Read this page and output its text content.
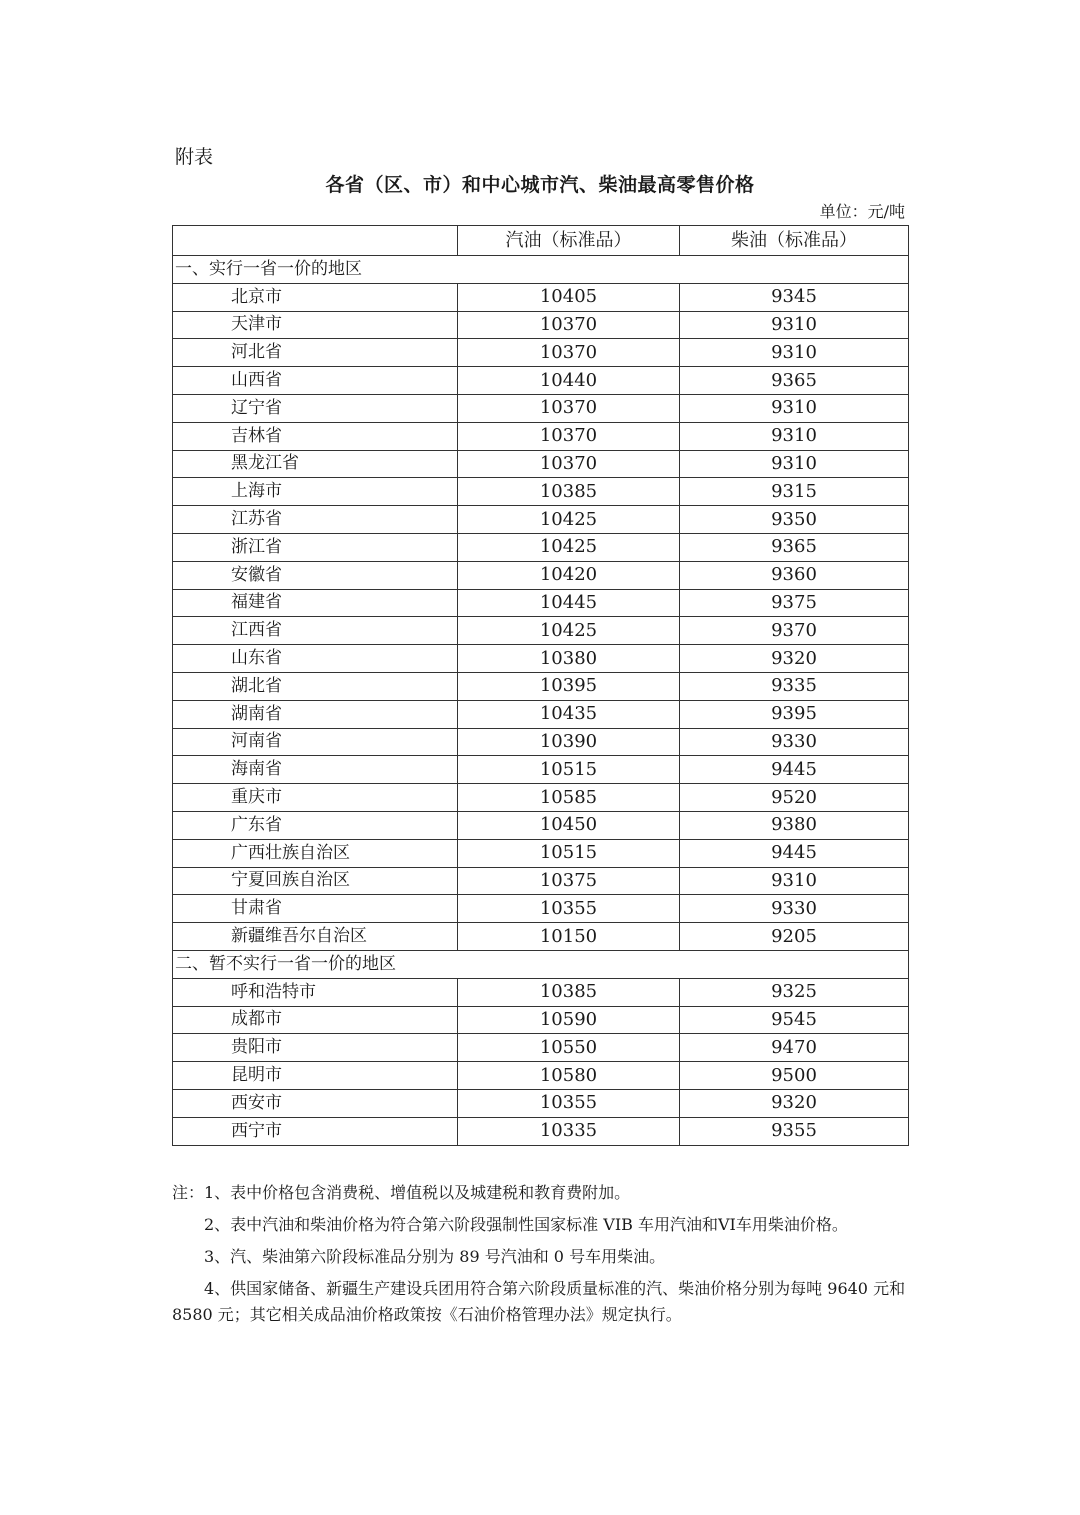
附表
各省（区、市）和中心城市汽、柴油最高零售价格
单位：元/吨
	汽油（标准品）	柴油（标准品）
一、实行一省一价的地区		
北京市	10405	9345
天津市	10370	9310
河北省	10370	9310
山西省	10440	9365
辽宁省	10370	9310
吉林省	10370	9310
黑龙江省	10370	9310
上海市	10385	9315
江苏省	10425	9350
浙江省	10425	9365
安徽省	10420	9360
福建省	10445	9375
江西省	10425	9370
山东省	10380	9320
湖北省	10395	9335
湖南省	10435	9395
河南省	10390	9330
海南省	10515	9445
重庆市	10585	9520
广东省	10450	9380
广西壮族自治区	10515	9445
宁夏回族自治区	10375	9310
甘肃省	10355	9330
新疆维吾尔自治区	10150	9205
二、暂不实行一省一价的地区		
呼和浩特市	10385	9325
成都市	10590	9545
贵阳市	10550	9470
昆明市	10580	9500
西安市	10355	9320
西宁市	10335	9355

注：1、表中价格包含消费税、增值税以及城建税和教育费附加。

2、表中汽油和柴油价格为符合第六阶段强制性国家标准 VIB 车用汽油和VI车用柴油价格。

3、汽、柴油第六阶段标准品分别为 89 号汽油和 0 号车用柴油。

4、供国家储备、新疆生产建设兵团用符合第六阶段质量标准的汽、柴油价格分别为每吨 9640 元和 8580 元；其它相关成品油价格政策按《石油价格管理办法》规定执行。
